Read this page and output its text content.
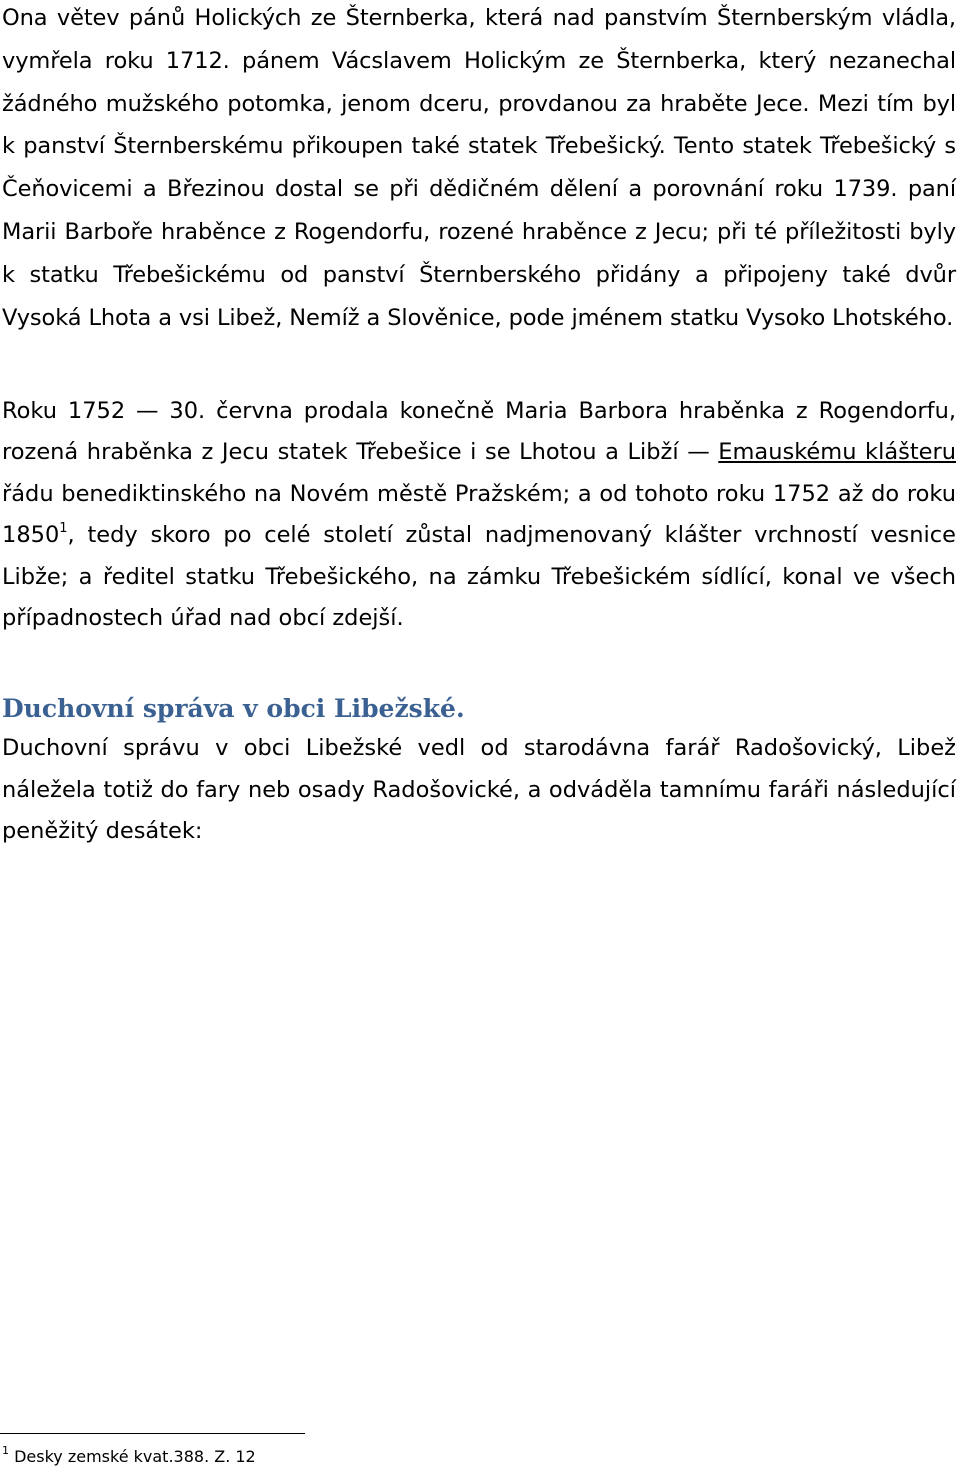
Ona větev pánů Holických ze Šternberka, která nad panstvím Šternberským vládla, vymřela roku 1712. pánem Vácslavem Holickým ze Šternberka, který nezanechal žádného mužského potomka, jenom dceru, provdanou za hraběte Jece. Mezi tím byl k panství Šternberskému přikoupen také statek Třebešický. Tento statek Třebešický s Čeňovicemi a Březinou dostal se při dědičném dělení a porovnání roku 1739. paní Marii Barboře hraběnce z Rogendorfu, rozené hraběnce z Jecu; při té příležitosti byly k statku Třebešickému od panství Šternberského přidány a připojeny také dvůr Vysoká Lhota a vsi Libež, Nemíž a Slověnice, pode jménem statku Vysoko Lhotského.

Roku 1752 — 30. června prodala konečně Maria Barbora hraběnka z Rogendorfu, rozená hraběnka z Jecu statek Třebešice i se Lhotou a Libží — Emauskému klášteru řádu benediktinského na Novém městě Pražském; a od tohoto roku 1752 až do roku 1850$^1$, tedy skoro po celé století zůstal nadjmenovaný klášter vrchností vesnice Libže; a ředitel statku Třebešického, na zámku Třebešickém sídlící, konal ve všech případnostech úřad nad obcí zdejší.

Duchovní správa v obci Libežské.

Duchovní správu v obci Libežské vedl od starodávna farář Radošovický, Libež náležela totiž do fary neb osady Radošovické, a odváděla tamnímu faráři následující peněžitý desátek:

$^1$ Desky zemské kvat.388. Z. 12
